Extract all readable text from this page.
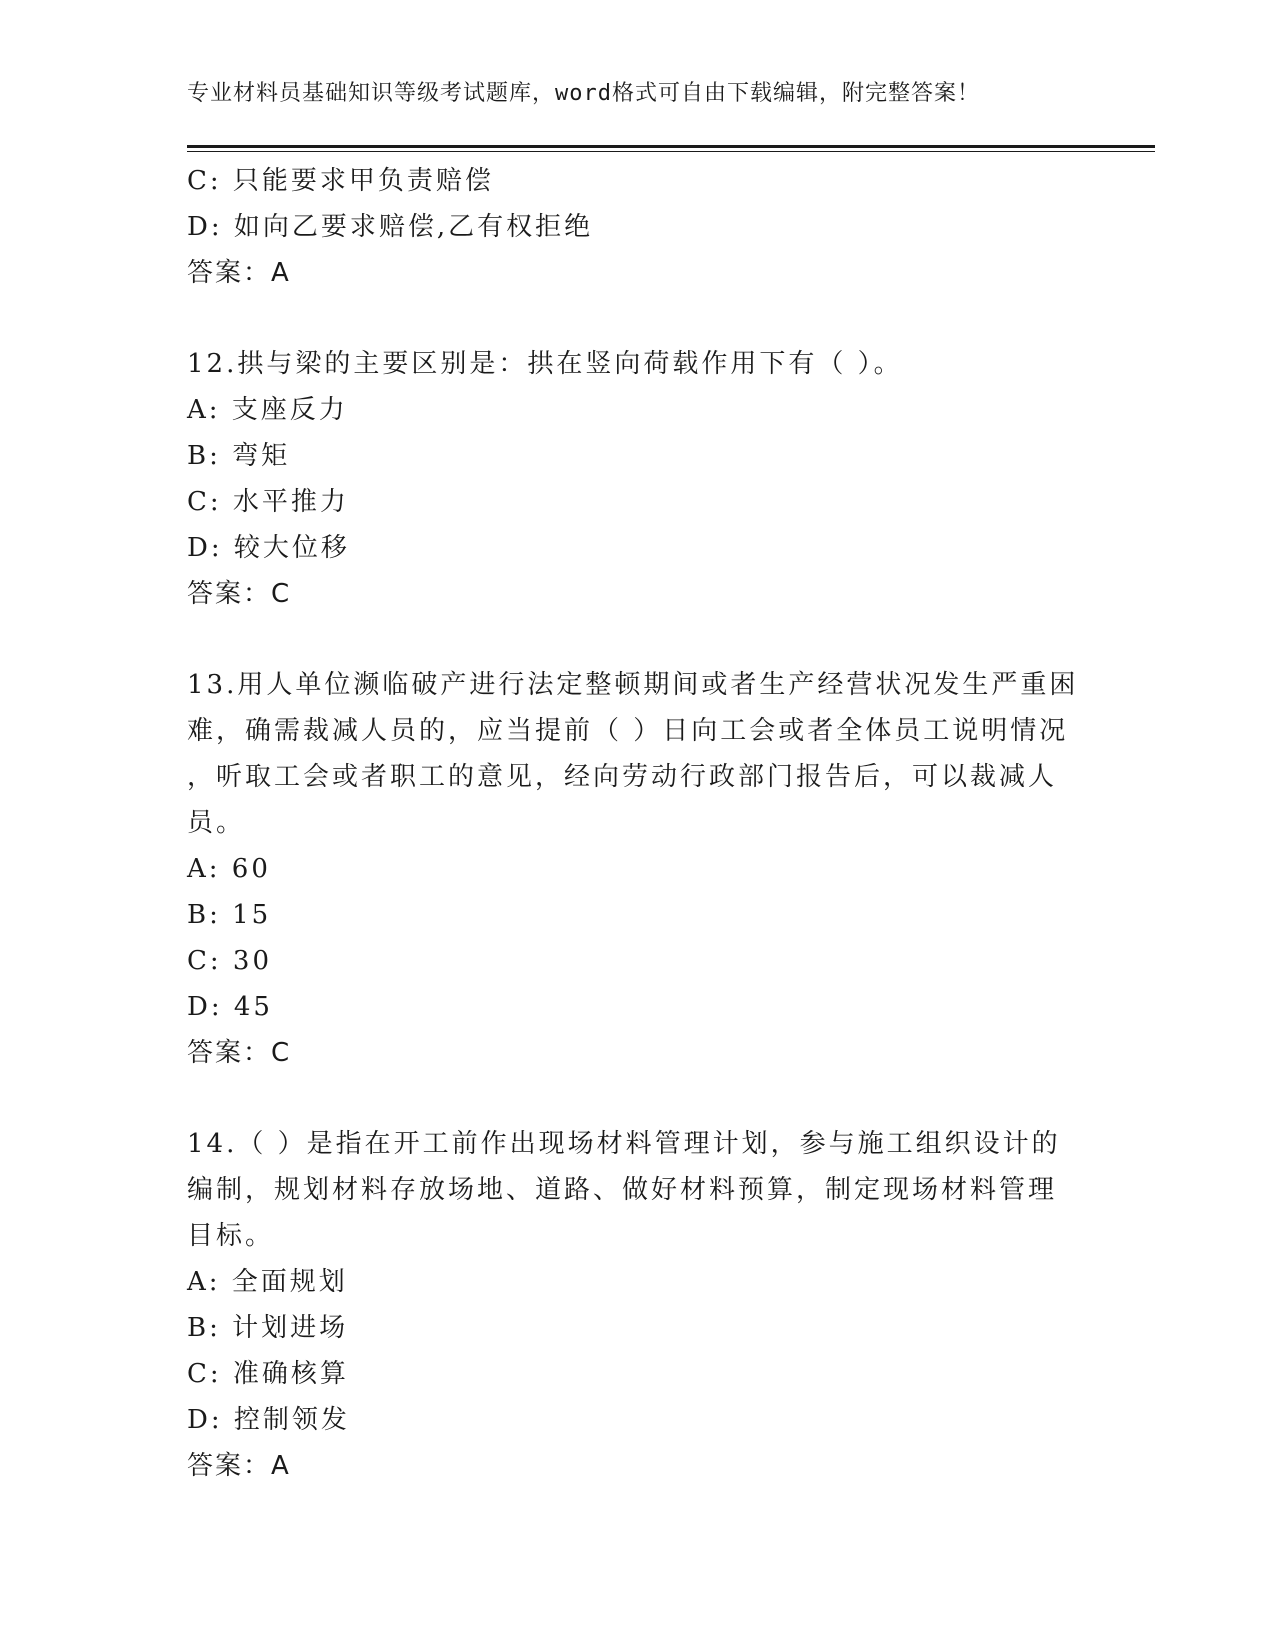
专业材料员基础知识等级考试题库，word格式可自由下载编辑，附完整答案！
C: 只能要求甲负责赔偿
D: 如向乙要求赔偿,乙有权拒绝
答案：A
12.拱与梁的主要区别是：拱在竖向荷载作用下有（ ）。
A: 支座反力
B: 弯矩
C: 水平推力
D: 较大位移
答案：C
13.用人单位濒临破产进行法定整顿期间或者生产经营状况发生严重困
难，确需裁减人员的，应当提前（ ）日向工会或者全体员工说明情况
，听取工会或者职工的意见，经向劳动行政部门报告后，可以裁减人
员。
A: 60
B: 15
C: 30
D: 45
答案：C
14.（ ）是指在开工前作出现场材料管理计划，参与施工组织设计的
编制，规划材料存放场地、道路、做好材料预算，制定现场材料管理
目标。
A: 全面规划
B: 计划进场
C: 准确核算
D: 控制领发
答案：A
